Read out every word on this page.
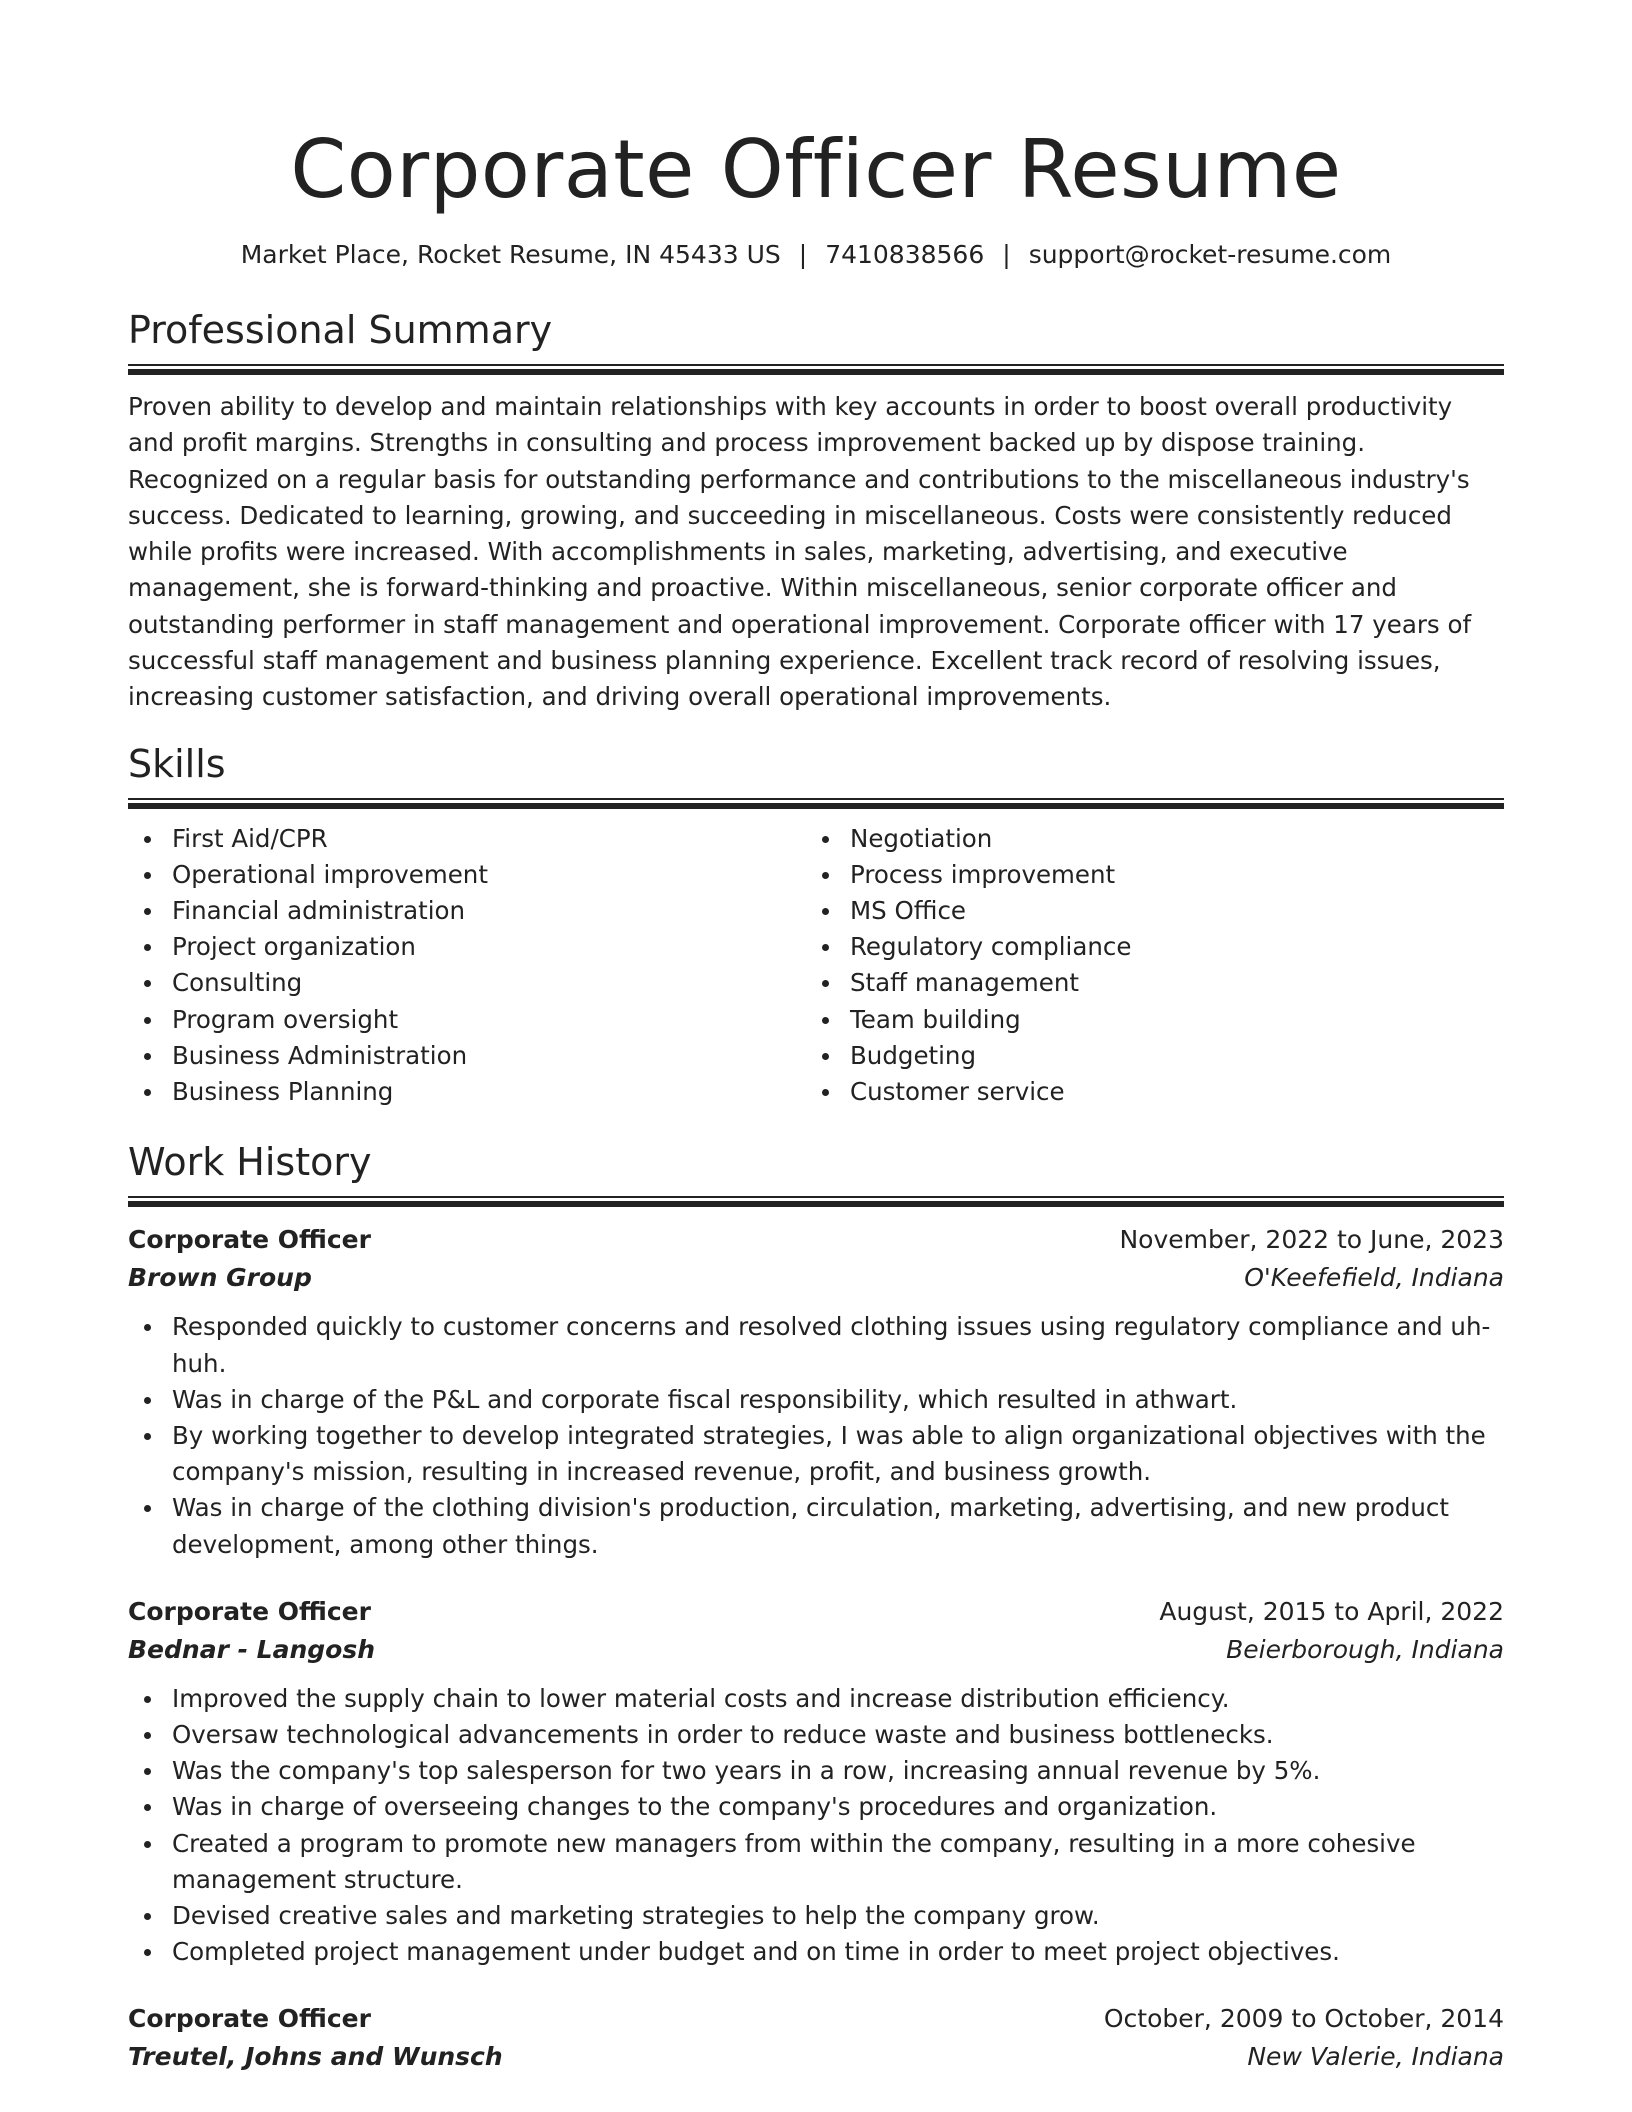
Corporate Officer Resume
Market Place, Rocket Resume, IN 45433 US | 7410838566 | support@rocket-resume.com
Professional Summary

Proven ability to develop and maintain relationships with key accounts in order to boost overall productivity and profit margins. Strengths in consulting and process improvement backed up by dispose training. Recognized on a regular basis for outstanding performance and contributions to the miscellaneous industry's success. Dedicated to learning, growing, and succeeding in miscellaneous. Costs were consistently reduced while profits were increased. With accomplishments in sales, marketing, advertising, and executive management, she is forward-thinking and proactive. Within miscellaneous, senior corporate officer and outstanding performer in staff management and operational improvement. Corporate officer with 17 years of successful staff management and business planning experience. Excellent track record of resolving issues, increasing customer satisfaction, and driving overall operational improvements.

Skills
First Aid/CPR
Operational improvement
Financial administration
Project organization
Consulting
Program oversight
Business Administration
Business Planning
Negotiation
Process improvement
MS Office
Regulatory compliance
Staff management
Team building
Budgeting
Customer service
Work History
Corporate Officer	November, 2022 to June, 2023
Brown Group	O'Keefefield, Indiana
Responded quickly to customer concerns and resolved clothing issues using regulatory compliance and uh-huh.
Was in charge of the P&L and corporate fiscal responsibility, which resulted in athwart.
By working together to develop integrated strategies, I was able to align organizational objectives with the company's mission, resulting in increased revenue, profit, and business growth.
Was in charge of the clothing division's production, circulation, marketing, advertising, and new product development, among other things.
Corporate Officer	August, 2015 to April, 2022
Bednar - Langosh	Beierborough, Indiana
Improved the supply chain to lower material costs and increase distribution efficiency.
Oversaw technological advancements in order to reduce waste and business bottlenecks.
Was the company's top salesperson for two years in a row, increasing annual revenue by 5%.
Was in charge of overseeing changes to the company's procedures and organization.
Created a program to promote new managers from within the company, resulting in a more cohesive management structure.
Devised creative sales and marketing strategies to help the company grow.
Completed project management under budget and on time in order to meet project objectives.
Corporate Officer	October, 2009 to October, 2014
Treutel, Johns and Wunsch	New Valerie, Indiana
